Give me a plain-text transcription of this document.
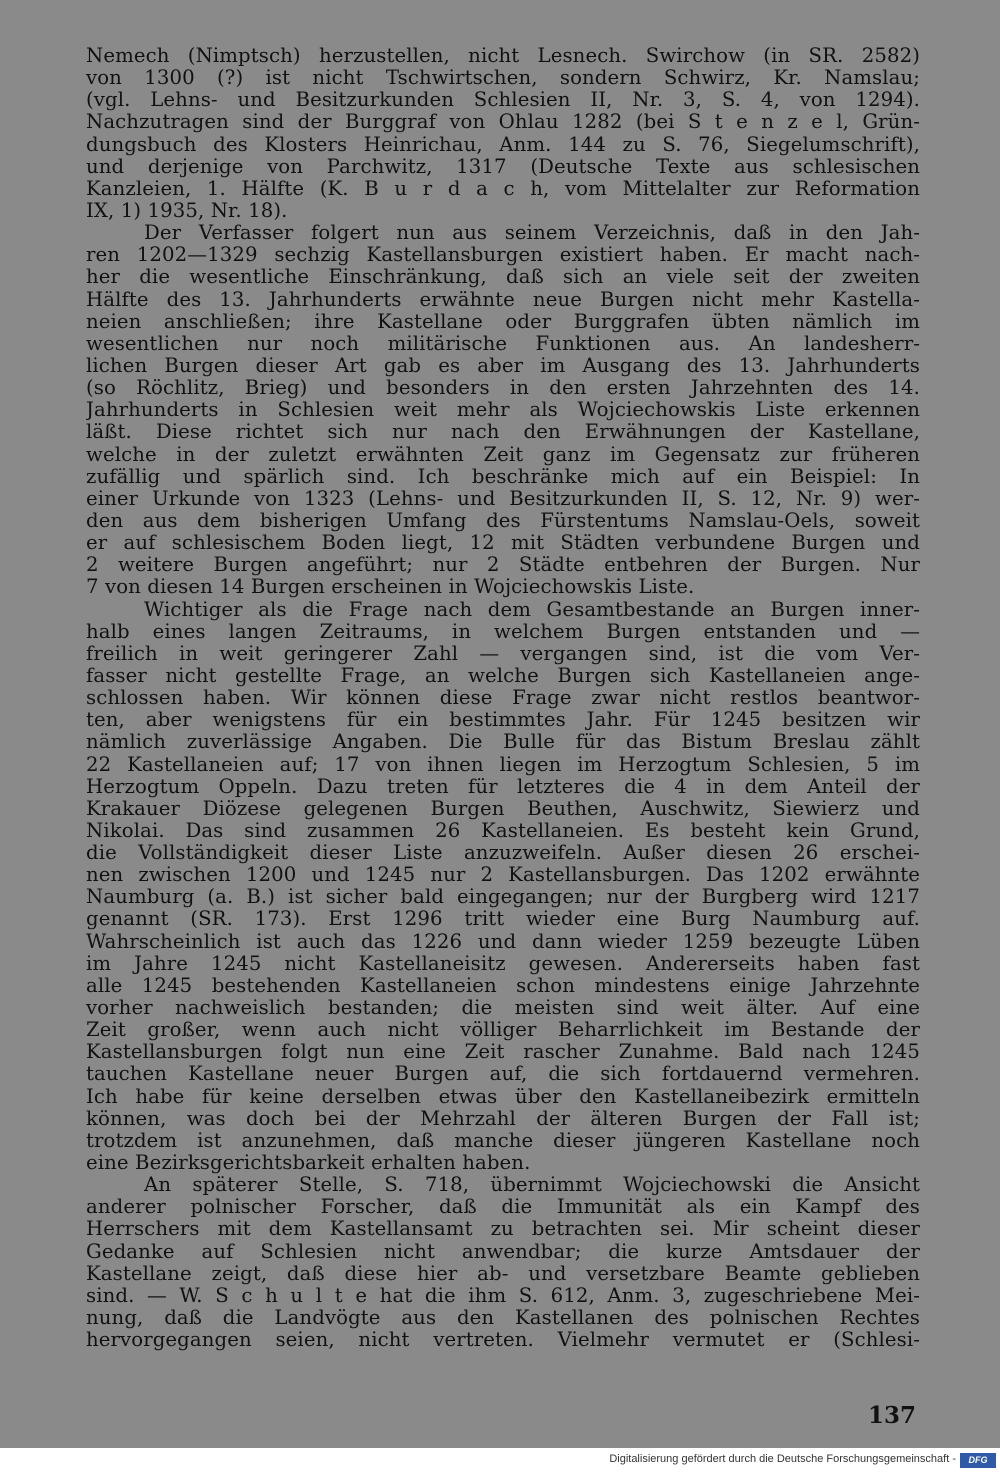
Nemech (Nimptsch) herzustellen, nicht Lesnech. Swirchow (in SR. 2582)
von 1300 (?) ist nicht Tschwirtschen, sondern Schwirz, Kr. Namslau;
(vgl. Lehns- und Besitzurkunden Schlesien II, Nr. 3, S. 4, von 1294).
Nachzutragen sind der Burggraf von Ohlau 1282 (bei S t e n z e l, Grün-
dungsbuch des Klosters Heinrichau, Anm. 144 zu S. 76, Siegelumschrift),
und derjenige von Parchwitz, 1317 (Deutsche Texte aus schlesischen
Kanzleien, 1. Hälfte (K. B u r d a c h, vom Mittelalter zur Reformation
IX, 1) 1935, Nr. 18).
Der Verfasser folgert nun aus seinem Verzeichnis, daß in den Jah-
ren 1202—1329 sechzig Kastellansburgen existiert haben. Er macht nach-
her die wesentliche Einschränkung, daß sich an viele seit der zweiten
Hälfte des 13. Jahrhunderts erwähnte neue Burgen nicht mehr Kastella-
neien anschließen; ihre Kastellane oder Burggrafen übten nämlich im
wesentlichen nur noch militärische Funktionen aus. An landesherr-
lichen Burgen dieser Art gab es aber im Ausgang des 13. Jahrhunderts
(so Röchlitz, Brieg) und besonders in den ersten Jahrzehnten des 14.
Jahrhunderts in Schlesien weit mehr als Wojciechowskis Liste erkennen
läßt. Diese richtet sich nur nach den Erwähnungen der Kastellane,
welche in der zuletzt erwähnten Zeit ganz im Gegensatz zur früheren
zufällig und spärlich sind. Ich beschränke mich auf ein Beispiel: In
einer Urkunde von 1323 (Lehns- und Besitzurkunden II, S. 12, Nr. 9) wer-
den aus dem bisherigen Umfang des Fürstentums Namslau-Oels, soweit
er auf schlesischem Boden liegt, 12 mit Städten verbundene Burgen und
2 weitere Burgen angeführt; nur 2 Städte entbehren der Burgen. Nur
7 von diesen 14 Burgen erscheinen in Wojciechowskis Liste.
Wichtiger als die Frage nach dem Gesamtbestande an Burgen inner-
halb eines langen Zeitraums, in welchem Burgen entstanden und —
freilich in weit geringerer Zahl — vergangen sind, ist die vom Ver-
fasser nicht gestellte Frage, an welche Burgen sich Kastellaneien ange-
schlossen haben. Wir können diese Frage zwar nicht restlos beantwor-
ten, aber wenigstens für ein bestimmtes Jahr. Für 1245 besitzen wir
nämlich zuverlässige Angaben. Die Bulle für das Bistum Breslau zählt
22 Kastellaneien auf; 17 von ihnen liegen im Herzogtum Schlesien, 5 im
Herzogtum Oppeln. Dazu treten für letzteres die 4 in dem Anteil der
Krakauer Diözese gelegenen Burgen Beuthen, Auschwitz, Siewierz und
Nikolai. Das sind zusammen 26 Kastellaneien. Es besteht kein Grund,
die Vollständigkeit dieser Liste anzuzweifeln. Außer diesen 26 erschei-
nen zwischen 1200 und 1245 nur 2 Kastellansburgen. Das 1202 erwähnte
Naumburg (a. B.) ist sicher bald eingegangen; nur der Burgberg wird 1217
genannt (SR. 173). Erst 1296 tritt wieder eine Burg Naumburg auf.
Wahrscheinlich ist auch das 1226 und dann wieder 1259 bezeugte Lüben
im Jahre 1245 nicht Kastellaneisitz gewesen. Andererseits haben fast
alle 1245 bestehenden Kastellaneien schon mindestens einige Jahrzehnte
vorher nachweislich bestanden; die meisten sind weit älter. Auf eine
Zeit großer, wenn auch nicht völliger Beharrlichkeit im Bestande der
Kastellansburgen folgt nun eine Zeit rascher Zunahme. Bald nach 1245
tauchen Kastellane neuer Burgen auf, die sich fortdauernd vermehren.
Ich habe für keine derselben etwas über den Kastellaneibezirk ermitteln
können, was doch bei der Mehrzahl der älteren Burgen der Fall ist;
trotzdem ist anzunehmen, daß manche dieser jüngeren Kastellane noch
eine Bezirksgerichtsbarkeit erhalten haben.
An späterer Stelle, S. 718, übernimmt Wojciechowski die Ansicht
anderer polnischer Forscher, daß die Immunität als ein Kampf des
Herrschers mit dem Kastellansamt zu betrachten sei. Mir scheint dieser
Gedanke auf Schlesien nicht anwendbar; die kurze Amtsdauer der
Kastellane zeigt, daß diese hier ab- und versetzbare Beamte geblieben
sind. — W. S c h u l t e hat die ihm S. 612, Anm. 3, zugeschriebene Mei-
nung, daß die Landvögte aus den Kastellanen des polnischen Rechtes
hervorgegangen seien, nicht vertreten. Vielmehr vermutet er (Schlesi-
137
Digitalisierung gefördert durch die Deutsche Forschungsgemeinschaft -	DFG
